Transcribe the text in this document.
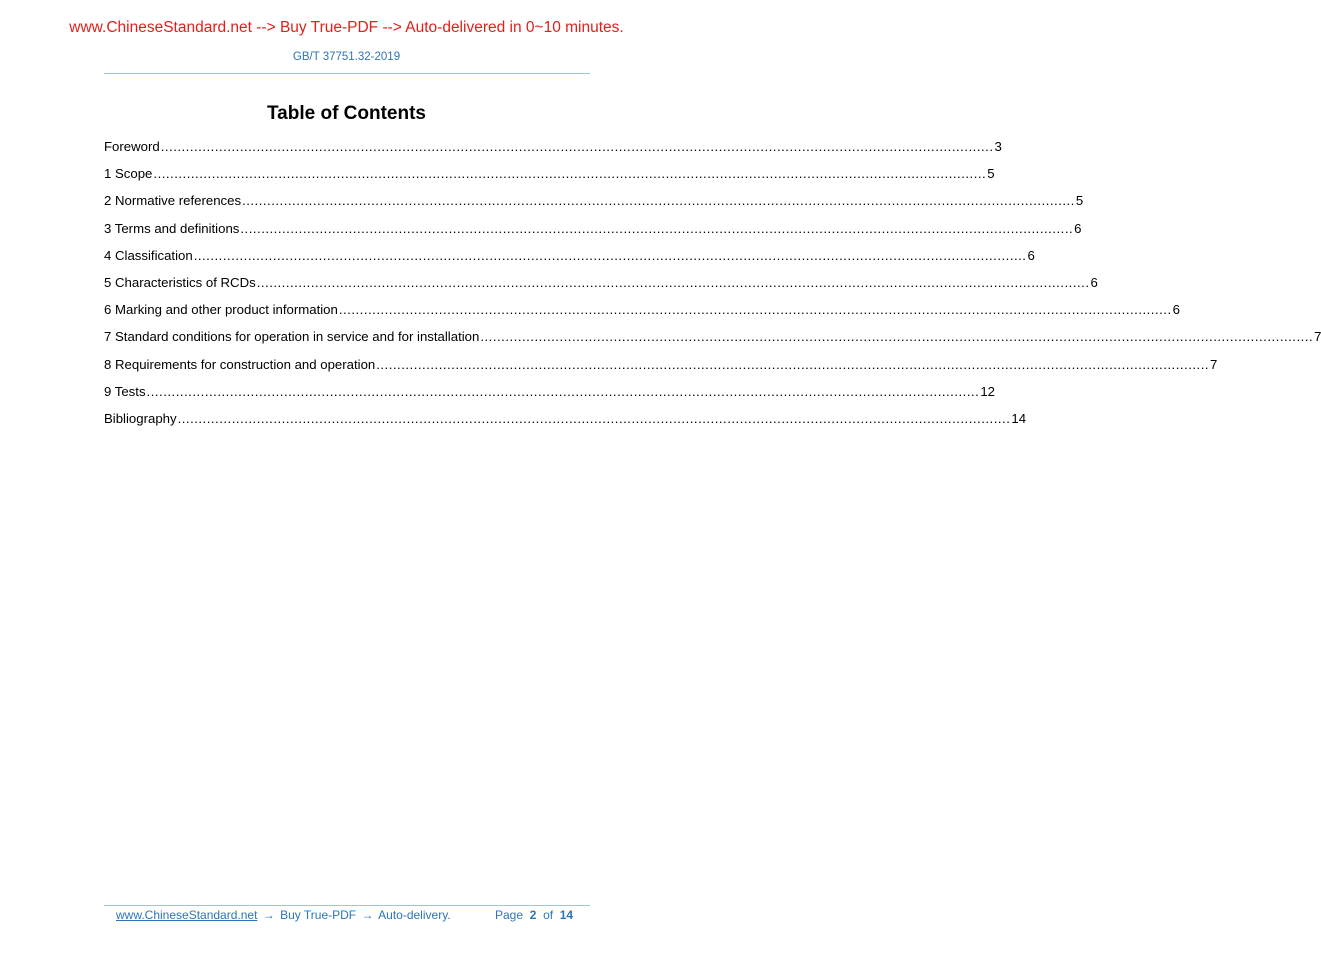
www.ChineseStandard.net --> Buy True-PDF --> Auto-delivered in 0~10 minutes.
GB/T 37751.32-2019
Table of Contents
Foreword ........................................................................................................................................................................................................ 3
1 Scope ........................................................................................................................................................................................................ 5
2 Normative references ........................................................................................................................................................................................................ 5
3 Terms and definitions ........................................................................................................................................................................................................ 6
4 Classification ........................................................................................................................................................................................................ 6
5 Characteristics of RCDs ........................................................................................................................................................................................................ 6
6 Marking and other product information ........................................................................................................................................................................................................ 6
7 Standard conditions for operation in service and for installation ........................................................................................................................................................................................................ 7
8 Requirements for construction and operation ........................................................................................................................................................................................................ 7
9 Tests ........................................................................................................................................................................................................ 12
Bibliography ........................................................................................................................................................................................................ 14
www.ChineseStandard.net → Buy True-PDF → Auto-delivery.	Page 2 of 14
